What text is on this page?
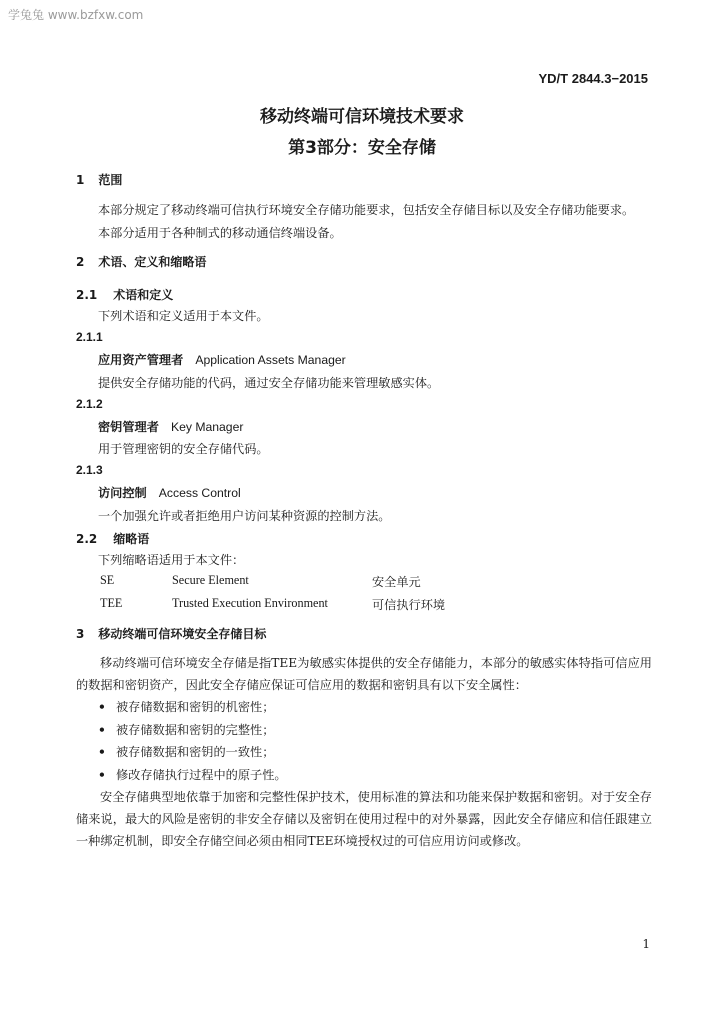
学兔兔 www.bzfxw.com
YD/T 2844.3−2015
移动终端可信环境技术要求
第3部分：安全存储
1 范围
本部分规定了移动终端可信执行环境安全存储功能要求，包括安全存储目标以及安全存储功能要求。
本部分适用于各种制式的移动通信终端设备。
2 术语、定义和缩略语
2.1 术语和定义
下列术语和定义适用于本文件。
2.1.1
应用资产管理者 Application Assets Manager
提供安全存储功能的代码，通过安全存储功能来管理敏感实体。
2.1.2
密钥管理者 Key Manager
用于管理密钥的安全存储代码。
2.1.3
访问控制 Access Control
一个加强允许或者拒绝用户访问某种资源的控制方法。
2.2 缩略语
下列缩略语适用于本文件：
SE	Secure Element	安全单元
TEE	Trusted Execution Environment	可信执行环境
3 移动终端可信环境安全存储目标
移动终端可信环境安全存储是指TEE为敏感实体提供的安全存储能力，本部分的敏感实体特指可信应用的数据和密钥资产，因此安全存储应保证可信应用的数据和密钥具有以下安全属性：
• 被存储数据和密钥的机密性；
• 被存储数据和密钥的完整性；
• 被存储数据和密钥的一致性；
• 修改存储执行过程中的原子性。
安全存储典型地依靠于加密和完整性保护技术，使用标准的算法和功能来保护数据和密钥。对于安全存储来说，最大的风险是密钥的非安全存储以及密钥在使用过程中的对外暴露，因此安全存储应和信任跟建立一种绑定机制，即安全存储空间必须由相同TEE环境授权过的可信应用访问或修改。
1
